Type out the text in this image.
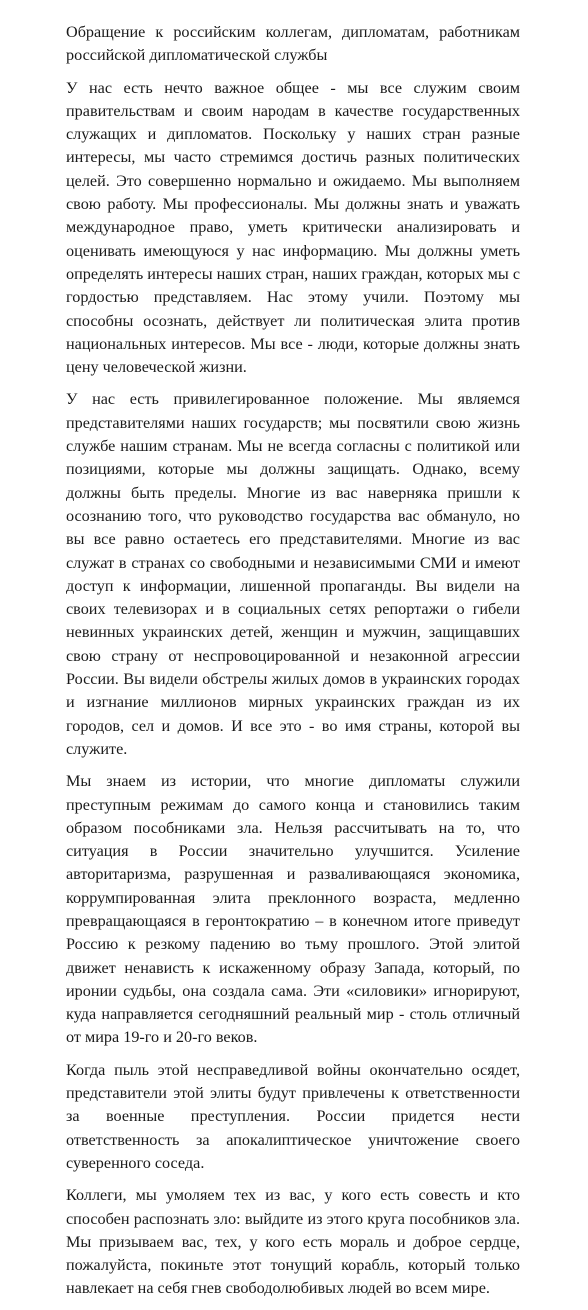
Обращение к российским коллегам, дипломатам, работникам российской дипломатической службы

У нас есть нечто важное общее - мы все служим своим правительствам и своим народам в качестве государственных служащих и дипломатов. Поскольку у наших стран разные интересы, мы часто стремимся достичь разных политических целей. Это совершенно нормально и ожидаемо. Мы выполняем свою работу. Мы профессионалы. Мы должны знать и уважать международное право, уметь критически анализировать и оценивать имеющуюся у нас информацию. Мы должны уметь определять интересы наших стран, наших граждан, которых мы с гордостью представляем. Нас этому учили. Поэтому мы способны осознать, действует ли политическая элита против национальных интересов. Мы все - люди, которые должны знать цену человеческой жизни.

У нас есть привилегированное положение. Мы являемся представителями наших государств; мы посвятили свою жизнь службе нашим странам. Мы не всегда согласны с политикой или позициями, которые мы должны защищать. Однако, всему должны быть пределы. Многие из вас наверняка пришли к осознанию того, что руководство государства вас обмануло, но вы все равно остаетесь его представителями. Многие из вас служат в странах со свободными и независимыми СМИ и имеют доступ к информации, лишенной пропаганды. Вы видели на своих телевизорах и в социальных сетях репортажи о гибели невинных украинских детей, женщин и мужчин, защищавших свою страну от неспровоцированной и незаконной агрессии России. Вы видели обстрелы жилых домов в украинских городах и изгнание миллионов мирных украинских граждан из их городов, сел и домов. И все это - во имя страны, которой вы служите.

Мы знаем из истории, что многие дипломаты служили преступным режимам до самого конца и становились таким образом пособниками зла. Нельзя рассчитывать на то, что ситуация в России значительно улучшится. Усиление авторитаризма, разрушенная и разваливающаяся экономика, коррумпированная элита преклонного возраста, медленно превращающаяся в геронтократию – в конечном итоге приведут Россию к резкому падению во тьму прошлого. Этой элитой движет ненависть к искаженному образу Запада, который, по иронии судьбы, она создала сама. Эти «силовики» игнорируют, куда направляется сегодняшний реальный мир - столь отличный от мира 19-го и 20-го веков.

Когда пыль этой несправедливой войны окончательно осядет, представители этой элиты будут привлечены к ответственности за военные преступления. России придется нести ответственность за апокалиптическое уничтожение своего суверенного соседа.

Коллеги, мы умоляем тех из вас, у кого есть совесть и кто способен распознать зло: выйдите из этого круга пособников зла. Мы призываем вас, тех, у кого есть мораль и доброе сердце, пожалуйста, покиньте этот тонущий корабль, который только навлекает на себя гнев свободолюбивых людей во всем мире.
